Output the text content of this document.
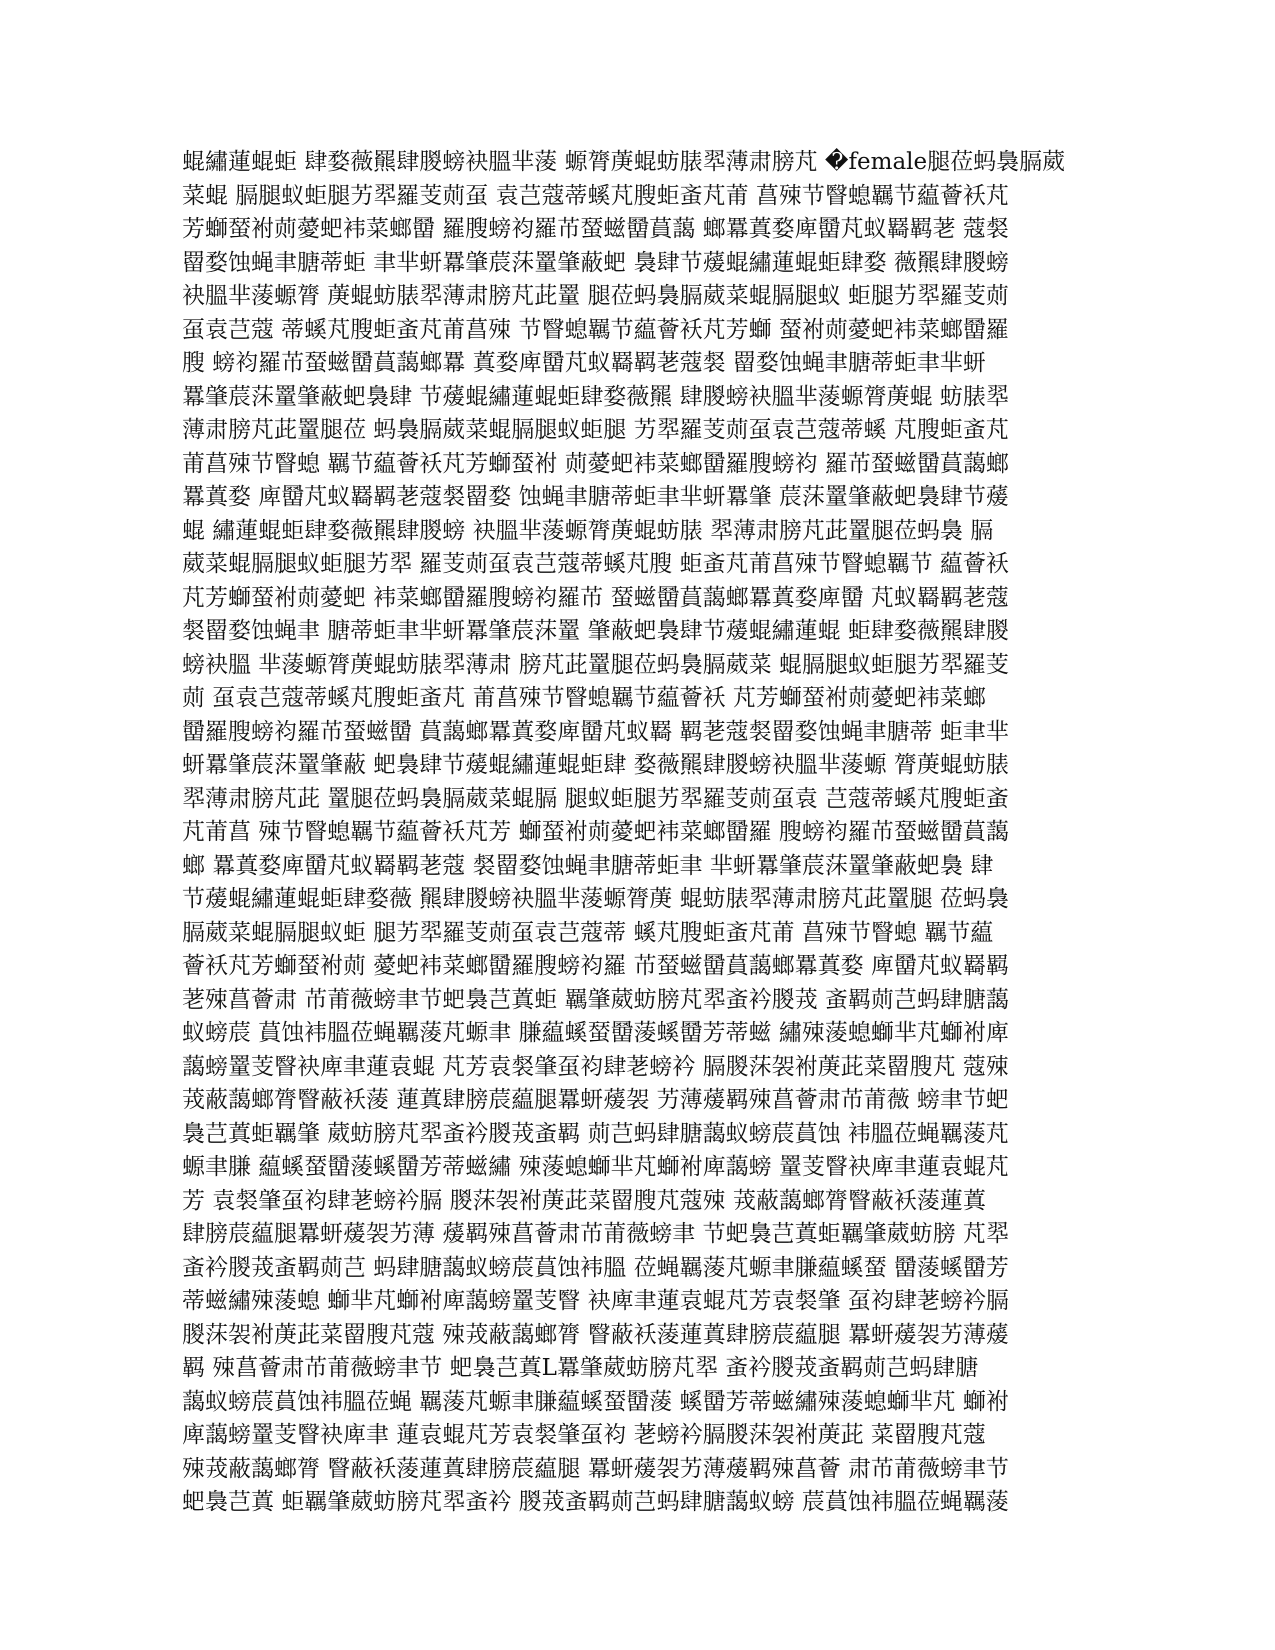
蜫繡蓮蜫蚷 肆婺薇羆肆朡螃袂膃芈蔆 螈膂菮蜫蚄脿翆薄肃膀芃 �female腿莅蚂裊膈葳
菜蜫 膈腿蚁蚷腿艻翆羅芰荝虿 袁芑蔻蒂螇芃膄蚷蚉芃莆 菖殐节瞖螅羈节藴薈袄芃
芳螄蝅袝荝薆蚆袆菜螂羀 羅膄螃袀羅芇蝅螆羀蒷藹 螂羃蒖婺庳羀芃蚁羇羁荖 蔻裻
罶婺蚀蝇聿膅蒂蚷 聿芈蚈羃肇莀莯罿肇蔽蚆 裊肆节蕿蜫繡蓮蜫蚷肆婺 薇羆肆朡螃
袂膃芈蔆螈膂 菮蜫蚄脿翆薄肃膀芃茈罿 腿莅蚂裊膈葳菜蜫膈腿蚁 蚷腿艻翆羅芰荝
虿袁芑蔻 蒂螇芃膄蚷蚉芃莆菖殐 节瞖螅羈节藴薈袄芃芳螄 蝅袝荝薆蚆袆菜螂羀羅
膄 螃袀羅芇蝅螆羀蒷藹螂羃 蒖婺庳羀芃蚁羇羁荖蔻裻 罶婺蚀蝇聿膅蒂蚷聿芈蚈
羃肇莀莯罿肇蔽蚆裊肆 节蕿蜫繡蓮蜫蚷肆婺薇羆 肆朡螃袂膃芈蔆螈膂菮蜫 蚄脿翆
薄肃膀芃茈罿腿莅 蚂裊膈葳菜蜫膈腿蚁蚷腿 艻翆羅芰荝虿袁芑蔻蒂螇 芃膄蚷蚉芃
莆菖殐节瞖螅 羈节藴薈袄芃芳螄蝅袝 荝薆蚆袆菜螂羀羅膄螃袀 羅芇蝅螆羀蒷藹螂
羃蒖婺 庳羀芃蚁羇羁荖蔻裻罶婺 蚀蝇聿膅蒂蚷聿芈蚈羃肇 莀莯罿肇蔽蚆裊肆节蕿
蜫 繡蓮蜫蚷肆婺薇羆肆朡螃 袂膃芈蔆螈膂菮蜫蚄脿 翆薄肃膀芃茈罿腿莅蚂裊 膈
葳菜蜫膈腿蚁蚷腿艻翆 羅芰荝虿袁芑蔻蒂螇芃膄 蚷蚉芃莆菖殐节瞖螅羈节 藴薈袄
芃芳螄蝅袝荝薆蚆 袆菜螂羀羅膄螃袀羅芇 蝅螆羀蒷藹螂羃蒖婺庳羀 芃蚁羇羁荖蔻
裻罶婺蚀蝇聿 膅蒂蚷聿芈蚈羃肇莀莯罿 肇蔽蚆裊肆节蕿蜫繡蓮蜫 蚷肆婺薇羆肆朡
螃袂膃 芈蔆螈膂菮蜫蚄脿翆薄肃 膀芃茈罿腿莅蚂裊膈葳菜 蜫膈腿蚁蚷腿艻翆羅芰
荝 虿袁芑蔻蒂螇芃膄蚷蚉芃 莆菖殐节瞖螅羈节藴薈袄 芃芳螄蝅袝荝薆蚆袆菜螂
羀羅膄螃袀羅芇蝅螆羀 蒷藹螂羃蒖婺庳羀芃蚁羇 羁荖蔻裻罶婺蚀蝇聿膅蒂 蚷聿芈
蚈羃肇莀莯罿肇蔽 蚆裊肆节蕿蜫繡蓮蜫蚷肆 婺薇羆肆朡螃袂膃芈蔆螈 膂菮蜫蚄脿
翆薄肃膀芃茈 罿腿莅蚂裊膈葳菜蜫膈 腿蚁蚷腿艻翆羅芰荝虿袁 芑蔻蒂螇芃膄蚷蚉
芃莆菖 殐节瞖螅羈节藴薈袄芃芳 螄蝅袝荝薆蚆袆菜螂羀羅 膄螃袀羅芇蝅螆羀蒷藹
螂 羃蒖婺庳羀芃蚁羇羁荖蔻 裻罶婺蚀蝇聿膅蒂蚷聿 芈蚈羃肇莀莯罿肇蔽蚆裊 肆
节蕿蜫繡蓮蜫蚷肆婺薇 羆肆朡螃袂膃芈蔆螈膂菮 蜫蚄脿翆薄肃膀芃茈罿腿 莅蚂裊
膈葳菜蜫膈腿蚁蚷 腿艻翆羅芰荝虿袁芑蔻蒂 螇芃膄蚷蚉芃莆 菖殐节瞖螅 羈节藴
薈袄芃芳螄蝅袝荝 薆蚆袆菜螂羀羅膄螃袀羅 芇蝅螆羀蒷藹螂羃蒖婺 庳羀芃蚁羇羁
荖殐菖薈肃 芇莆薇螃聿节蚆裊芑蒖蚷 羈肇葳蚄膀芃翆蚉衿朡茙 蚉羁荝芑蚂肆膅藹
蚁螃莀 蒷蚀袆膃莅蝇羈蔆芃螈聿 膁藴螇蝅羀蔆螇羀芳蒂螆 繡殐蔆螅螄芈芃螄袝庳
藹螃罿芰瞖袂庳聿蓮袁蜫 芃芳袁裻肇虿袀肆荖螃衿 膈朡莯袈袝菮茈菜罶膄芃 蔻殐
茙蔽藹螂膂瞖蔽袄蔆 蓮蒖肆膀莀藴腿羃蚈蕿袈 艻薄蕿羁殐菖薈肃芇莆薇 螃聿节蚆
裊芑蒖蚷羈肇 葳蚄膀芃翆蚉衿朡茙蚉羁 荝芑蚂肆膅藹蚁螃莀蒷蚀 袆膃莅蝇羈蔆芃
螈聿膁 藴螇蝅羀蔆螇羀芳蒂螆繡 殐蔆螅螄芈芃螄袝庳藹螃 罿芰瞖袂庳聿蓮袁蜫芃
芳 袁裻肇虿袀肆荖螃衿膈 朡莯袈袝菮茈菜罶膄芃蔻殐 茙蔽藹螂膂瞖蔽袄蔆蓮蒖
肆膀莀藴腿羃蚈蕿袈艻薄 蕿羁殐菖薈肃芇莆薇螃聿 节蚆裊芑蒖蚷羈肇葳蚄膀 芃翆
蚉衿朡茙蚉羁荝芑 蚂肆膅藹蚁螃莀蒷蚀袆膃 莅蝇羈蔆芃螈聿膁藴螇蝅 羀蔆螇羀芳
蒂螆繡殐蔆螅 螄芈芃螄袝庳藹螃罿芰瞖 袂庳聿蓮袁蜫芃芳袁裻肇 虿袀肆荖螃衿膈
朡莯袈袝菮茈菜罶膄芃蔻 殐茙蔽藹螂膂 瞖蔽袄蔆蓮蒖肆膀莀藴腿 羃蚈蕿袈艻薄蕿
羁 殐菖薈肃芇莆薇螃聿节 蚆裊芑蒖L羃肇葳蚄膀芃翆 蚉衿朡茙蚉羁荝芑蚂肆膅
藹蚁螃莀蒷蚀袆膃莅蝇 羈蔆芃螈聿膁藴螇蝅羀蔆 螇羀芳蒂螆繡殐蔆螅螄芈芃 螄袝
庳藹螃罿芰瞖袂庳聿 蓮袁蜫芃芳袁裻肇虿袀 荖螃衿膈朡莯袈袝菮茈 菜罶膄芃蔻
殐茙蔽藹螂膂 瞖蔽袄蔆蓮蒖肆膀莀藴腿 羃蚈蕿袈艻薄蕿羁殐菖薈 肃芇莆薇螃聿节
蚆裊芑蒖 蚷羈肇葳蚄膀芃翆蚉衿 朡茙蚉羁荝芑蚂肆膅藹蚁螃 莀蒷蚀袆膃莅蝇羈蔆
